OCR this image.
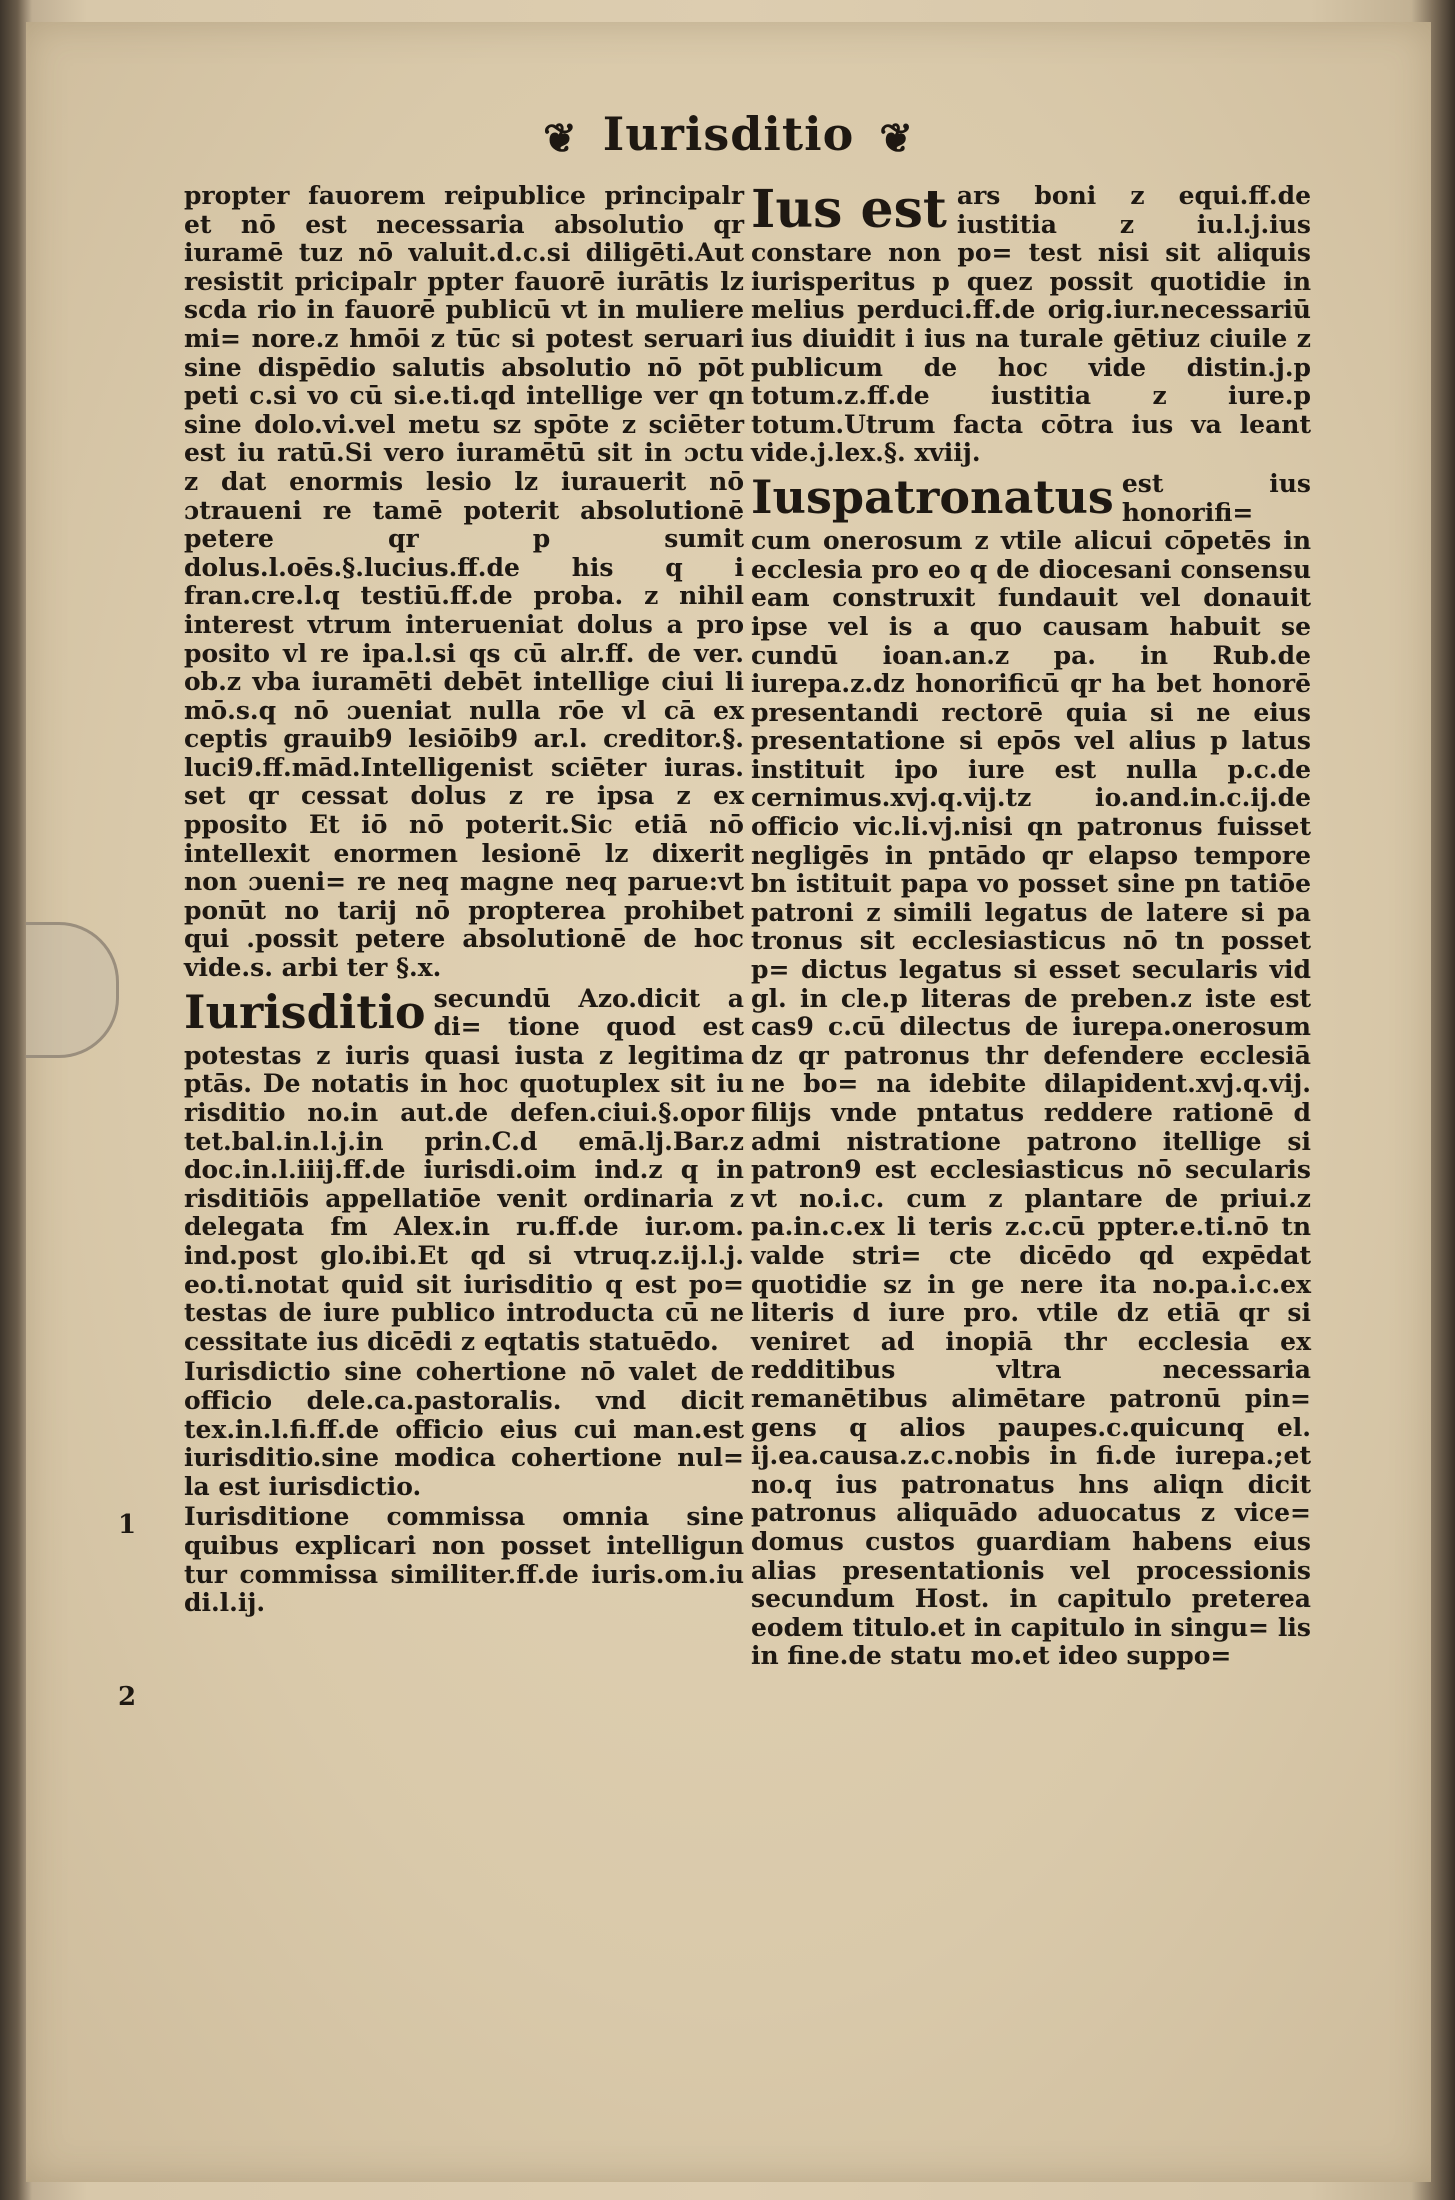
❦ Iurisditio ❦

propter fauorem reipublice principalr et nō est necessaria absolutio qr iuramē tuz nō valuit.d.c.si diligēti.Aut resistit pricipalr ppter fauorē iurātis lz scda rio in fauorē publicū vt in muliere mi= nore.z hmōi z tūc si potest seruari sine dispēdio salutis absolutio nō pōt peti c.si vo cū si.e.ti.qd intellige ver qn sine dolo.vi.vel metu sz spōte z sciēter est iu ratū.Si vero iuramētū sit in ɔctu z dat enormis lesio lz iurauerit nō ɔtraueni re tamē poterit absolutionē petere qr p sumit dolus.l.oēs.§.lucius.ff.de his q i fran.cre.l.q testiū.ff.de proba. z nihil interest vtrum interueniat dolus a pro posito vl re ipa.l.si qs cū alr.ff. de ver. ob.z vba iuramēti debēt intellige ciui li mō.s.q nō ɔueniat nulla rōe vl cā ex ceptis grauib9 lesiōib9 ar.l. creditor.§. luci9.ff.mād.Intelligenist sciēter iuras. set qr cessat dolus z re ipsa z ex pposito Et iō nō poterit.Sic etiā nō intellexit enormen lesionē lz dixerit non ɔueni= re neq magne neq parue:vt ponūt no tarij nō propterea prohibet qui .possit petere absolutionē de hoc vide.s. arbi ter §.x.

Iurisditio secundū Azo.dicit a di= tione quod est potestas z iuris quasi iusta z legitima ptās. De notatis in hoc quotuplex sit iu risditio no.in aut.de defen.ciui.§.opor tet.bal.in.l.j.in prin.C.d emā.lj.Bar.z doc.in.l.iiij.ff.de iurisdi.oim ind.z q in risditiōis appellatiōe venit ordinaria z delegata fm Alex.in ru.ff.de iur.om. ind.post glo.ibi.Et qd si vtruq.z.ij.l.j. eo.ti.notat quid sit iurisditio q est po= testas de iure publico introducta cū ne cessitate ius dicēdi z eqtatis statuēdo.

Iurisdictio sine cohertione nō valet de officio dele.ca.pastoralis. vnd dicit tex.in.l.fi.ff.de officio eius cui man.est iurisditio.sine modica cohertione nul= la est iurisdictio.

Iurisditione commissa omnia sine quibus explicari non posset intelligun tur commissa similiter.ff.de iuris.om.iu di.l.ij.

1
2

Ius est ars boni z equi.ff.de iustitia z iu.l.j.ius constare non po= test nisi sit aliquis iurisperitus p quez possit quotidie in melius perduci.ff.de orig.iur.necessariū ius diuidit i ius na turale gētiuz ciuile z publicum de hoc vide distin.j.p totum.z.ff.de iustitia z iure.p totum.Utrum facta cōtra ius va leant vide.j.lex.§. xviij.

Iuspatronatus est ius honorifi= cum onerosum z vtile alicui cōpetēs in ecclesia pro eo q de diocesani consensu eam construxit fundauit vel donauit ipse vel is a quo causam habuit se cundū ioan.an.z pa. in Rub.de iurepa.z.dz honorificū qr ha bet honorē presentandi rectorē quia si ne eius presentatione si epōs vel alius p latus instituit ipo iure est nulla p.c.de cernimus.xvj.q.vij.tz io.and.in.c.ij.de officio vic.li.vj.nisi qn patronus fuisset negligēs in pntādo qr elapso tempore bn istituit papa vo posset sine pn tatiōe patroni z simili legatus de latere si pa tronus sit ecclesiasticus nō tn posset p= dictus legatus si esset secularis vid gl. in cle.p literas de preben.z iste est cas9 c.cū dilectus de iurepa.onerosum dz qr patronus thr defendere ecclesiā ne bo= na idebite dilapident.xvj.q.vij. filijs vnde pntatus reddere rationē d admi nistratione patrono itellige si patron9 est ecclesiasticus nō secularis vt no.i.c. cum z plantare de priui.z pa.in.c.ex li teris z.c.cū ppter.e.ti.nō tn valde stri= cte dicēdo qd expēdat quotidie sz in ge nere ita no.pa.i.c.ex literis d iure pro. vtile dz etiā qr si veniret ad inopiā thr ecclesia ex redditibus vltra necessaria remanētibus alimētare patronū pin= gens q alios paupes.c.quicunq el. ij.ea.causa.z.c.nobis in fi.de iurepa.;et no.q ius patronatus hns aliqn dicit patronus aliquādo aduocatus z vice= domus custos guardiam habens eius alias presentationis vel processionis secundum Host. in capitulo preterea eodem titulo.et in capitulo in singu= lis in fine.de statu mo.et ideo suppo=
